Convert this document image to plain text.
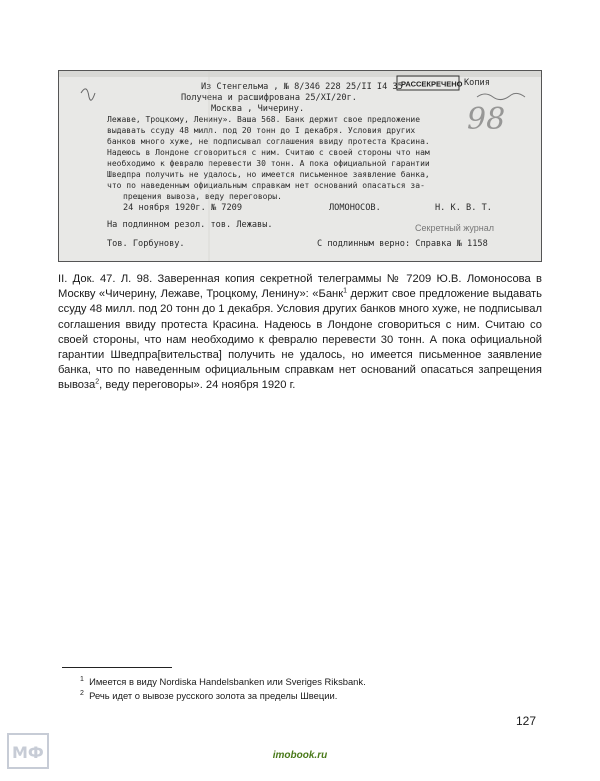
РАССЕКРЕЧЕНО Копия
98
Из Стенгельма , № 8/346 228 25/II I4 35
Получена и расшифрована 25/XI/20г.
Москва , Чичерину.
Лежаве, Троцкому, Ленину». Ваша 568. Банк держит свое предложение
выдавать ссуду 48 милл. под 20 тонн до I декабря. Условия других
банков много хуже, не подписывал соглашения ввиду протеста Красина.
Надеюсь в Лондоне сговориться с ним. Считаю с своей стороны что нам
необходимо к февралю перевести 30 тонн. А пока официальной гарантии
Шведпра получить не удалось, но имеется письменное заявление банка,
что по наведенным официальным справкам нет оснований опасаться за-
прещения вывоза, веду переговоры.
24 ноября 1920г. № 7209	ЛОМОНОСОВ.	Н. К. В. Т.
На подлинном резол. тов. Лежавы.	Секретный журнал
Тов. Горбунову.	С подлинным верно: Справка № 1158

II. Док. 47. Л. 98. Заверенная копия секретной телеграммы № 7209 Ю.В. Ломоносова в Москву «Чичерину, Лежаве, Троцкому, Ленину»: «Банк$^1$ держит свое предложение выдавать ссуду 48 милл. под 20 тонн до 1 декабря. Условия других банков много хуже, не подписывал соглашения ввиду протеста Красина. Надеюсь в Лондоне сговориться с ним. Считаю со своей стороны, что нам необходимо к февралю перевести 30 тонн. А пока официальной гарантии Шведпра[вительства] получить не удалось, но имеется письменное заявление банка, что по наведенным официальным справкам нет оснований опасаться запрещения вывоза$^2$, веду переговоры». 24 ноября 1920 г.

$^1$ Имеется в виду Nordiska Handelsbanken или Sveriges Riksbank.
$^2$ Речь идет о вывозе русского золота за пределы Швеции.
127
МФ	imobook.ru
